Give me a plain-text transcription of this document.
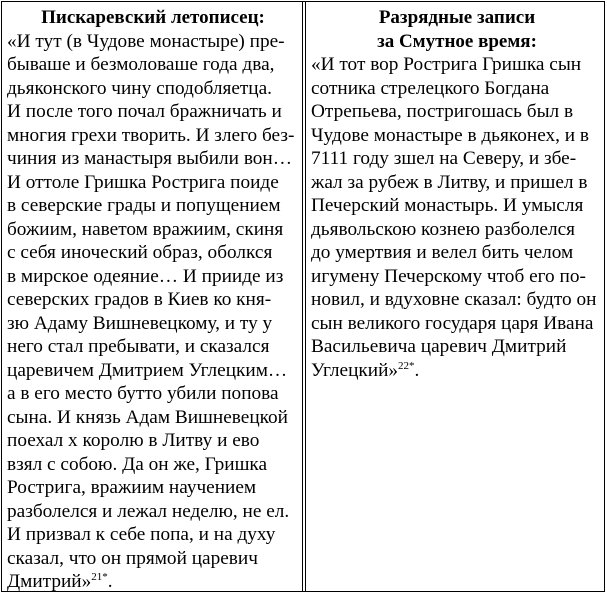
Пискаревский летописец:
«И тут (в Чудове монастыре) пре-
бываше и безмоловаше года два,
дьяконского чину сподобляетца.
И после того почал бражничать и
многия грехи творить. И злего без-
чиния из манастыря выбили вон…
И оттоле Гришка Ростригa поиде
в северские грады и попущением
божиим, наветом вражиим, скиня
с себя иноческий образ, оболкся
в мирское одеяние… И прииде из
северских градов в Киев ко кня-
зю Адаму Вишневецкому, и ту у
него стал пребывати, и сказался
царевичем Дмитрием Углецким…
а в его место бутто убили попова
сына. И князь Адам Вишневецкой
поехал х королю в Литву и ево
взял с собою. Да он же, Гришка
Рострига, вражиим научением
разболелся и лежал неделю, не ел.
И призвал к себе попа, и на духу
сказал, что он прямой царевич
Дмитрий»$^{21*}$.
Разрядные записи
за Смутное время:
«И тот вор Рострига Гришка сын
сотника стрелецкого Богдана
Отрепьева, постригошась был в
Чудове монастыре в дьяконех, и в
7111 году зшел на Северу, и збе-
жал за рубеж в Литву, и пришел в
Печерский монастырь. И умысля
дьявольскою козне​ю разболелся
до умертвия и велел бить челом
игумену Печерскому чтоб его по-
новил, и вдуховне сказал: будто он
сын великого государя царя Ивана
Васильевича царевич Дмитрий
Углецкий»$^{22*}$.
